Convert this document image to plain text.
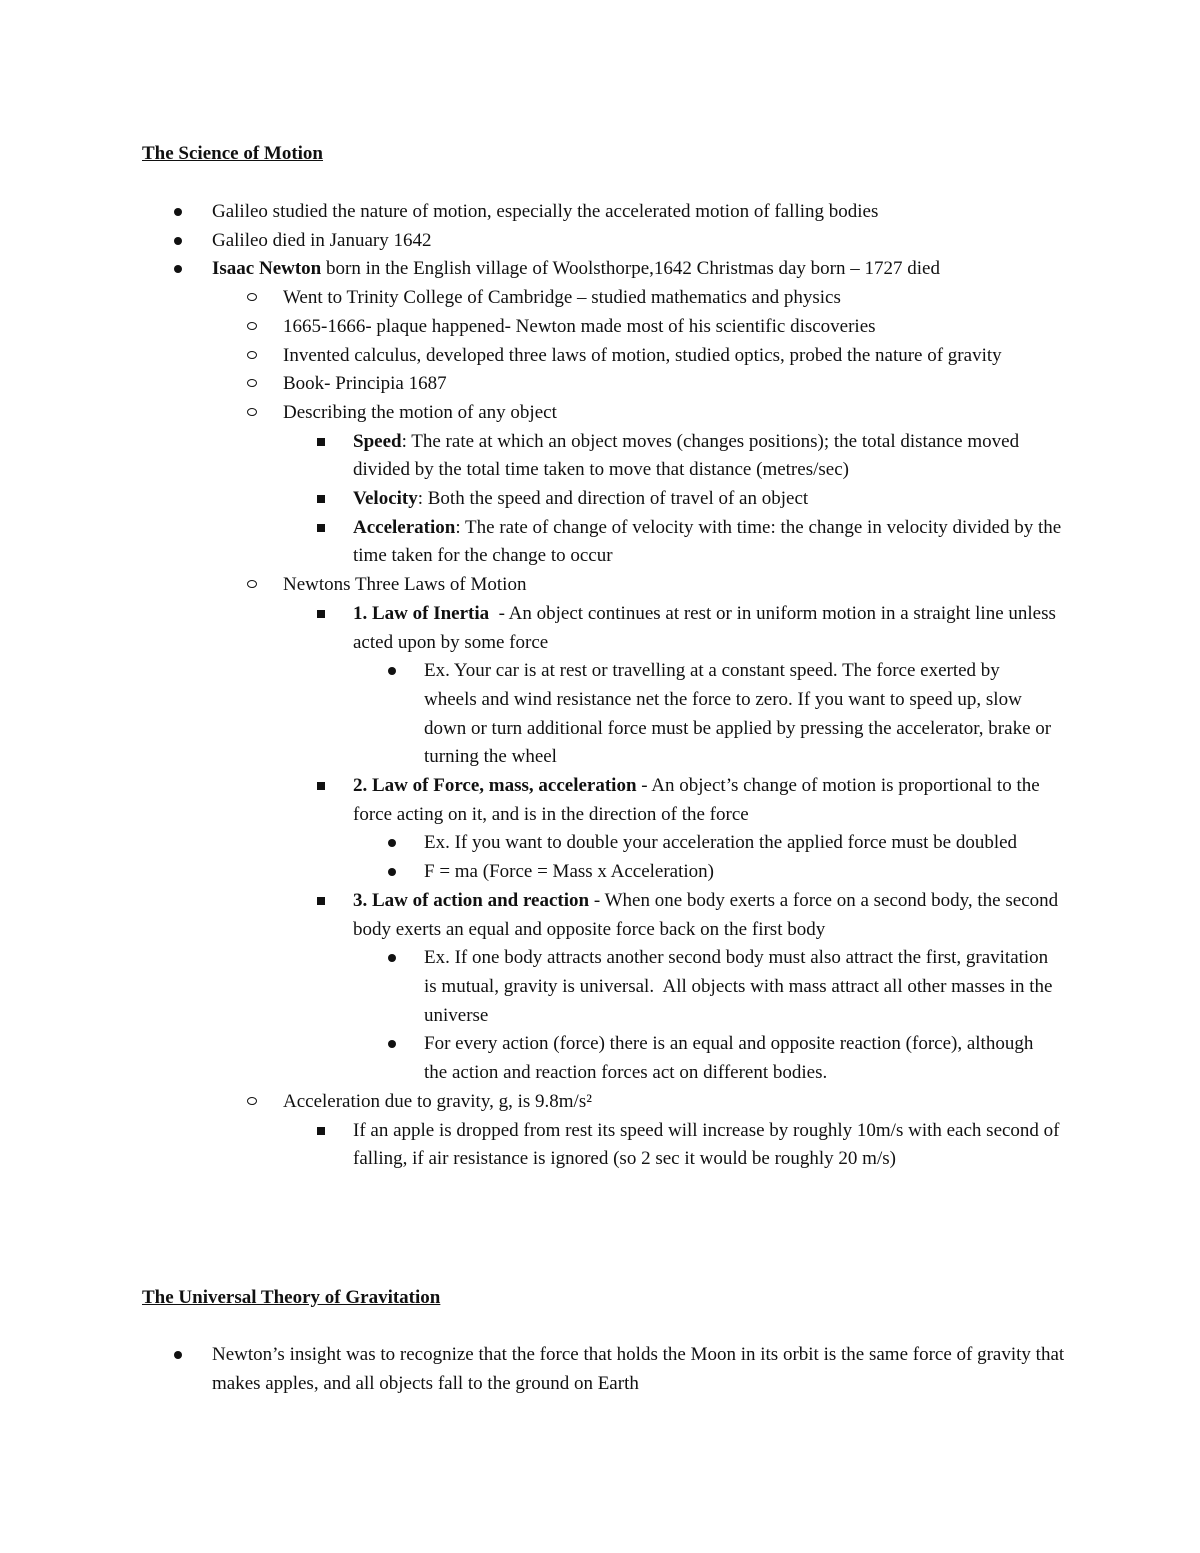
The Science of Motion
Galileo studied the nature of motion, especially the accelerated motion of falling bodies
Galileo died in January 1642
Isaac Newton born in the English village of Woolsthorpe,1642 Christmas day born – 1727 died
Went to Trinity College of Cambridge – studied mathematics and physics
1665-1666- plaque happened- Newton made most of his scientific discoveries
Invented calculus, developed three laws of motion, studied optics, probed the nature of gravity
Book- Principia 1687
Describing the motion of any object
Speed: The rate at which an object moves (changes positions); the total distance moved divided by the total time taken to move that distance (metres/sec)
Velocity: Both the speed and direction of travel of an object
Acceleration: The rate of change of velocity with time: the change in velocity divided by the time taken for the change to occur
Newtons Three Laws of Motion
1. Law of Inertia  - An object continues at rest or in uniform motion in a straight line unless acted upon by some force
Ex. Your car is at rest or travelling at a constant speed. The force exerted by wheels and wind resistance net the force to zero. If you want to speed up, slow down or turn additional force must be applied by pressing the accelerator, brake or turning the wheel
2. Law of Force, mass, acceleration - An object’s change of motion is proportional to the force acting on it, and is in the direction of the force
Ex. If you want to double your acceleration the applied force must be doubled
F = ma (Force = Mass x Acceleration)
3. Law of action and reaction - When one body exerts a force on a second body, the second body exerts an equal and opposite force back on the first body
Ex. If one body attracts another second body must also attract the first, gravitation is mutual, gravity is universal.  All objects with mass attract all other masses in the universe
For every action (force) there is an equal and opposite reaction (force), although the action and reaction forces act on different bodies.
Acceleration due to gravity, g, is 9.8m/s²
If an apple is dropped from rest its speed will increase by roughly 10m/s with each second of falling, if air resistance is ignored (so 2 sec it would be roughly 20 m/s)
The Universal Theory of Gravitation
Newton’s insight was to recognize that the force that holds the Moon in its orbit is the same force of gravity that makes apples, and all objects fall to the ground on Earth
